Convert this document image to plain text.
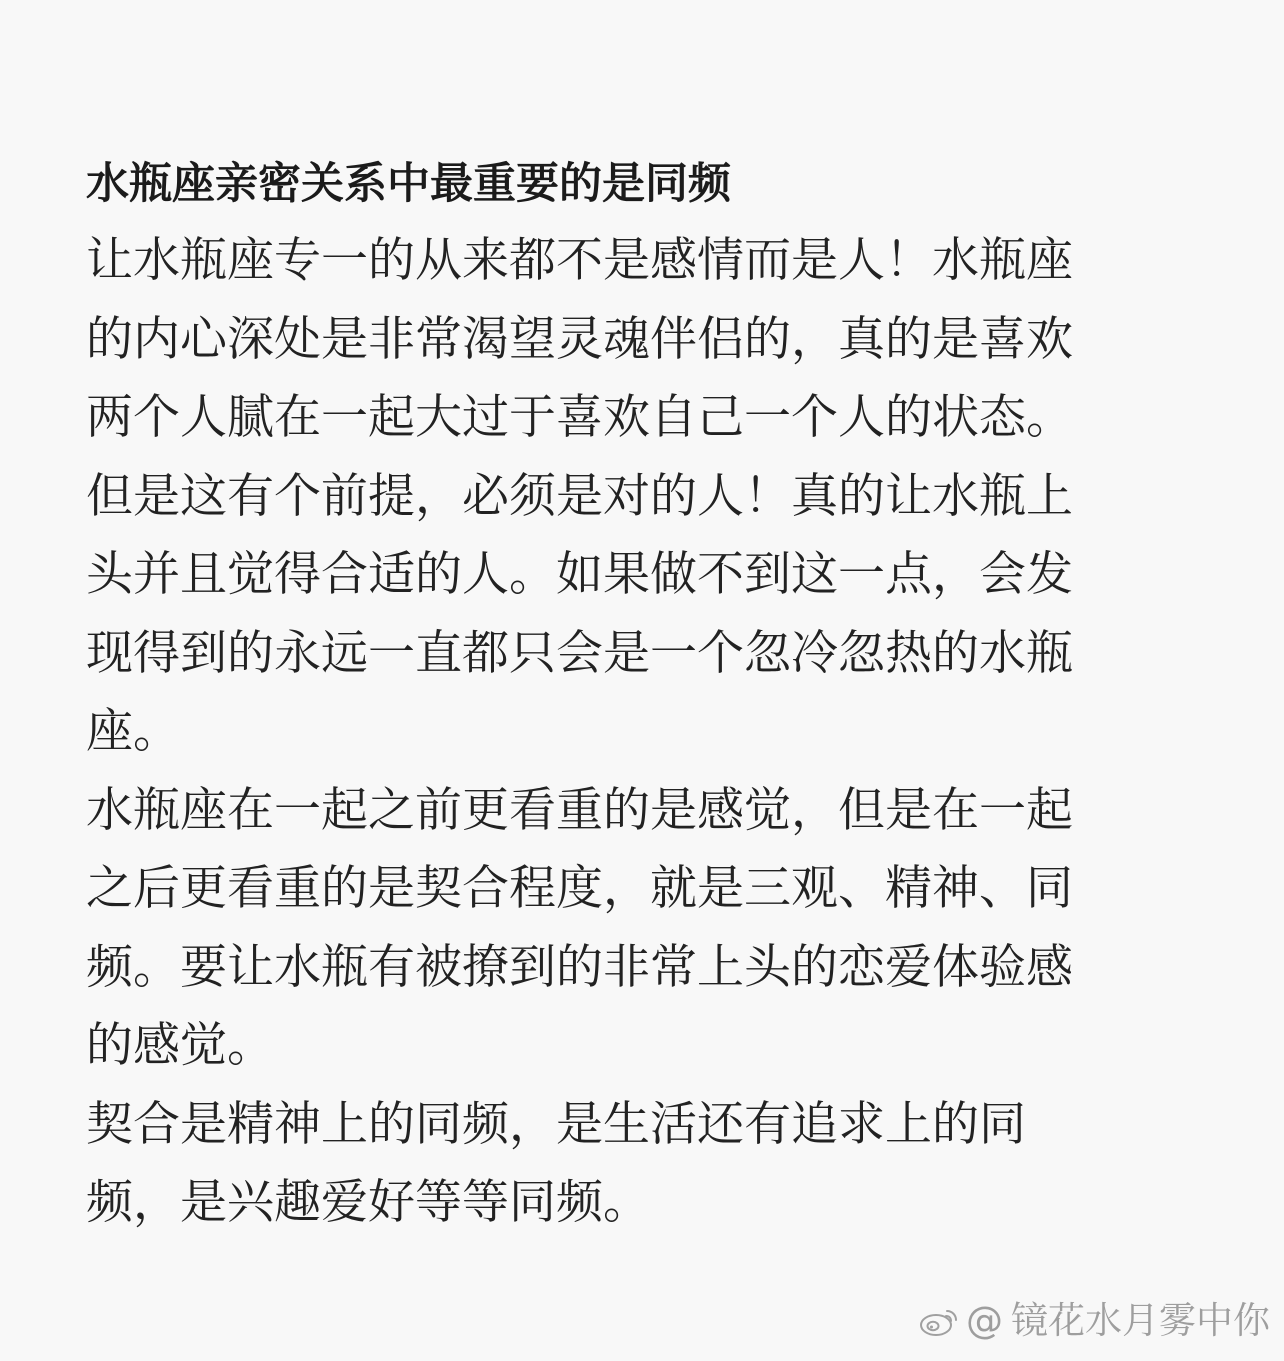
水瓶座亲密关系中最重要的是同频
让水瓶座专一的从来都不是感情而是人！水瓶座
的内心深处是非常渴望灵魂伴侣的，真的是喜欢
两个人腻在一起大过于喜欢自己一个人的状态。
但是这有个前提，必须是对的人！真的让水瓶上
头并且觉得合适的人。如果做不到这一点，会发
现得到的永远一直都只会是一个忽冷忽热的水瓶
座。
水瓶座在一起之前更看重的是感觉，但是在一起
之后更看重的是契合程度，就是三观、精神、同
频。要让水瓶有被撩到的非常上头的恋爱体验感
的感觉。
契合是精神上的同频，是生活还有追求上的同
频，是兴趣爱好等等同频。
@ 镜花水月雾中你
